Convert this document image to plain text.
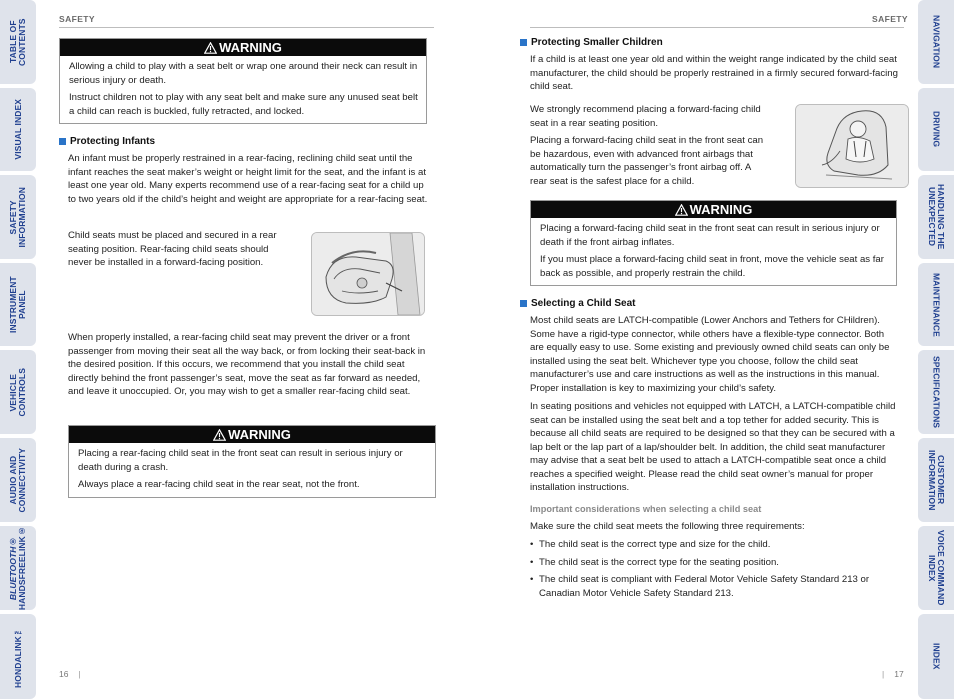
TABLE OF CONTENTS
VISUAL INDEX
SAFETY
INFORMATION
INSTRUMENT PANEL
VEHICLE
CONTROLS
AUDIO AND
CONNECTIVITY
BLUETOOTH®
HANDSFREELINK®
HONDALINK™
NAVIGATION
DRIVING
HANDLING THE
UNEXPECTED
MAINTENANCE
SPECIFICATIONS
CUSTOMER
INFORMATION
VOICE COMMAND
INDEX
INDEX
SAFETY
WARNING

Allowing a child to play with a seat belt or wrap one around their neck can result in serious injury or death.

Instruct children not to play with any seat belt and make sure any unused seat belt a child can reach is buckled, fully retracted, and locked.

Protecting Infants

An infant must be properly restrained in a rear-facing, reclining child seat until the infant reaches the seat maker’s weight or height limit for the seat, and the infant is at least one year old. Many experts recommend use of a rear-facing seat for a child up to two years old if the child’s height and weight are appropriate for a rear-facing seat.

Child seats must be placed and secured in a rear seating position. Rear-facing child seats should never be installed in a forward-facing position.

When properly installed, a rear-facing child seat may prevent the driver or a front passenger from moving their seat all the way back, or from locking their seat-back in the desired position. If this occurs, we recommend that you install the child seat directly behind the front passenger’s seat, move the seat as far forward as needed, and leave it unoccupied. Or, you may wish to get a smaller rear-facing child seat.

WARNING

Placing a rear-facing child seat in the front seat can result in serious injury or death during a crash.

Always place a rear-facing child seat in the rear seat, not the front.

16 |
SAFETY
Protecting Smaller Children

If a child is at least one year old and within the weight range indicated by the child seat manufacturer, the child should be properly restrained in a firmly secured forward-facing child seat.

We strongly recommend placing a forward-facing child seat in a rear seating position.

Placing a forward-facing child seat in the front seat can be hazardous, even with advanced front airbags that automatically turn the passenger’s front airbag off. A rear seat is the safest place for a child.

WARNING

Placing a forward-facing child seat in the front seat can result in serious injury or death if the front airbag inflates.

If you must place a forward-facing child seat in front, move the vehicle seat as far back as possible, and properly restrain the child.

Selecting a Child Seat

Most child seats are LATCH-compatible (Lower Anchors and Tethers for CHildren). Some have a rigid-type connector, while others have a flexible-type connector. Both are equally easy to use. Some existing and previously owned child seats can only be installed using the seat belt. Whichever type you choose, follow the child seat manufacturer’s use and care instructions as well as the instructions in this manual. Proper installation is key to maximizing your child’s safety.

In seating positions and vehicles not equipped with LATCH, a LATCH-compatible child seat can be installed using the seat belt and a top tether for added security. This is because all child seats are required to be designed so that they can be secured with a lap belt or the lap part of a lap/shoulder belt. In addition, the child seat manufacturer may advise that a seat belt be used to attach a LATCH-compatible seat once a child reaches a specified weight. Please read the child seat owner’s manual for proper installation instructions.

Important considerations when selecting a child seat

Make sure the child seat meets the following three requirements:

• The child seat is the correct type and size for the child.
• The child seat is the correct type for the seating position.
• The child seat is compliant with Federal Motor Vehicle Safety Standard 213 or Canadian Motor Vehicle Safety Standard 213.
| 17
